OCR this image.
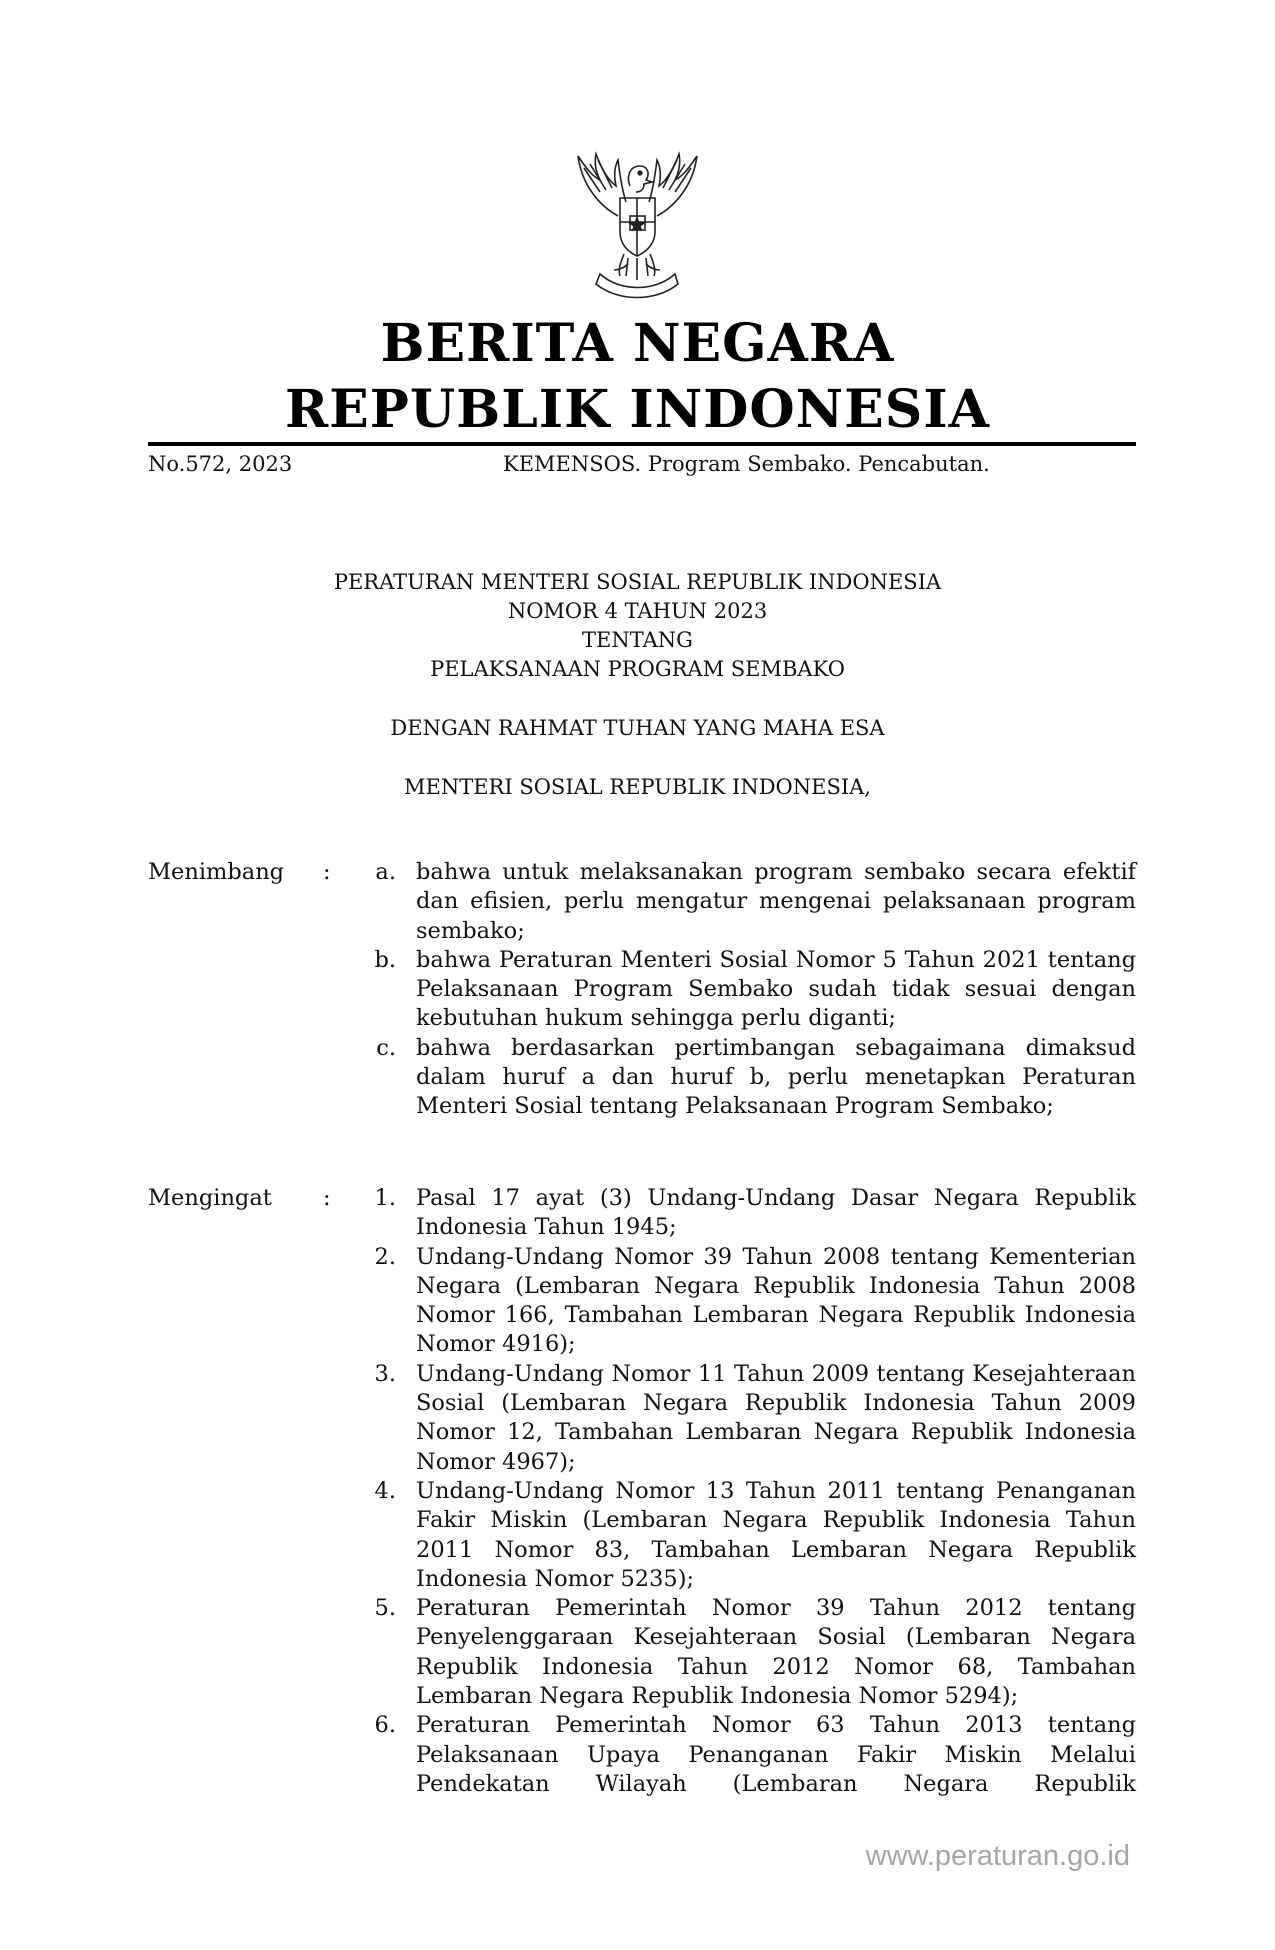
BERITA NEGARA
REPUBLIK INDONESIA
No.572, 2023	KEMENSOS. Program Sembako. Pencabutan.
PERATURAN MENTERI SOSIAL REPUBLIK INDONESIA
NOMOR 4 TAHUN 2023
TENTANG
PELAKSANAAN PROGRAM SEMBAKO
DENGAN RAHMAT TUHAN YANG MAHA ESA
MENTERI SOSIAL REPUBLIK INDONESIA,
Menimbang :	a. bahwa untuk melaksanakan program sembako secara efektif dan efisien, perlu mengatur mengenai pelaksanaan program sembako;
b. bahwa Peraturan Menteri Sosial Nomor 5 Tahun 2021 tentang Pelaksanaan Program Sembako sudah tidak sesuai dengan kebutuhan hukum sehingga perlu diganti;
c. bahwa berdasarkan pertimbangan sebagaimana dimaksud dalam huruf a dan huruf b, perlu menetapkan Peraturan Menteri Sosial tentang Pelaksanaan Program Sembako;
Mengingat :	1. Pasal 17 ayat (3) Undang-Undang Dasar Negara Republik Indonesia Tahun 1945;
2. Undang-Undang Nomor 39 Tahun 2008 tentang Kementerian Negara (Lembaran Negara Republik Indonesia Tahun 2008 Nomor 166, Tambahan Lembaran Negara Republik Indonesia Nomor 4916);
3. Undang-Undang Nomor 11 Tahun 2009 tentang Kesejahteraan Sosial (Lembaran Negara Republik Indonesia Tahun 2009 Nomor 12, Tambahan Lembaran Negara Republik Indonesia Nomor 4967);
4. Undang-Undang Nomor 13 Tahun 2011 tentang Penanganan Fakir Miskin (Lembaran Negara Republik Indonesia Tahun 2011 Nomor 83, Tambahan Lembaran Negara Republik Indonesia Nomor 5235);
5. Peraturan Pemerintah Nomor 39 Tahun 2012 tentang Penyelenggaraan Kesejahteraan Sosial (Lembaran Negara Republik Indonesia Tahun 2012 Nomor 68, Tambahan Lembaran Negara Republik Indonesia Nomor 5294);
6. Peraturan Pemerintah Nomor 63 Tahun 2013 tentang Pelaksanaan Upaya Penanganan Fakir Miskin Melalui Pendekatan Wilayah (Lembaran Negara Republik
www.peraturan.go.id
